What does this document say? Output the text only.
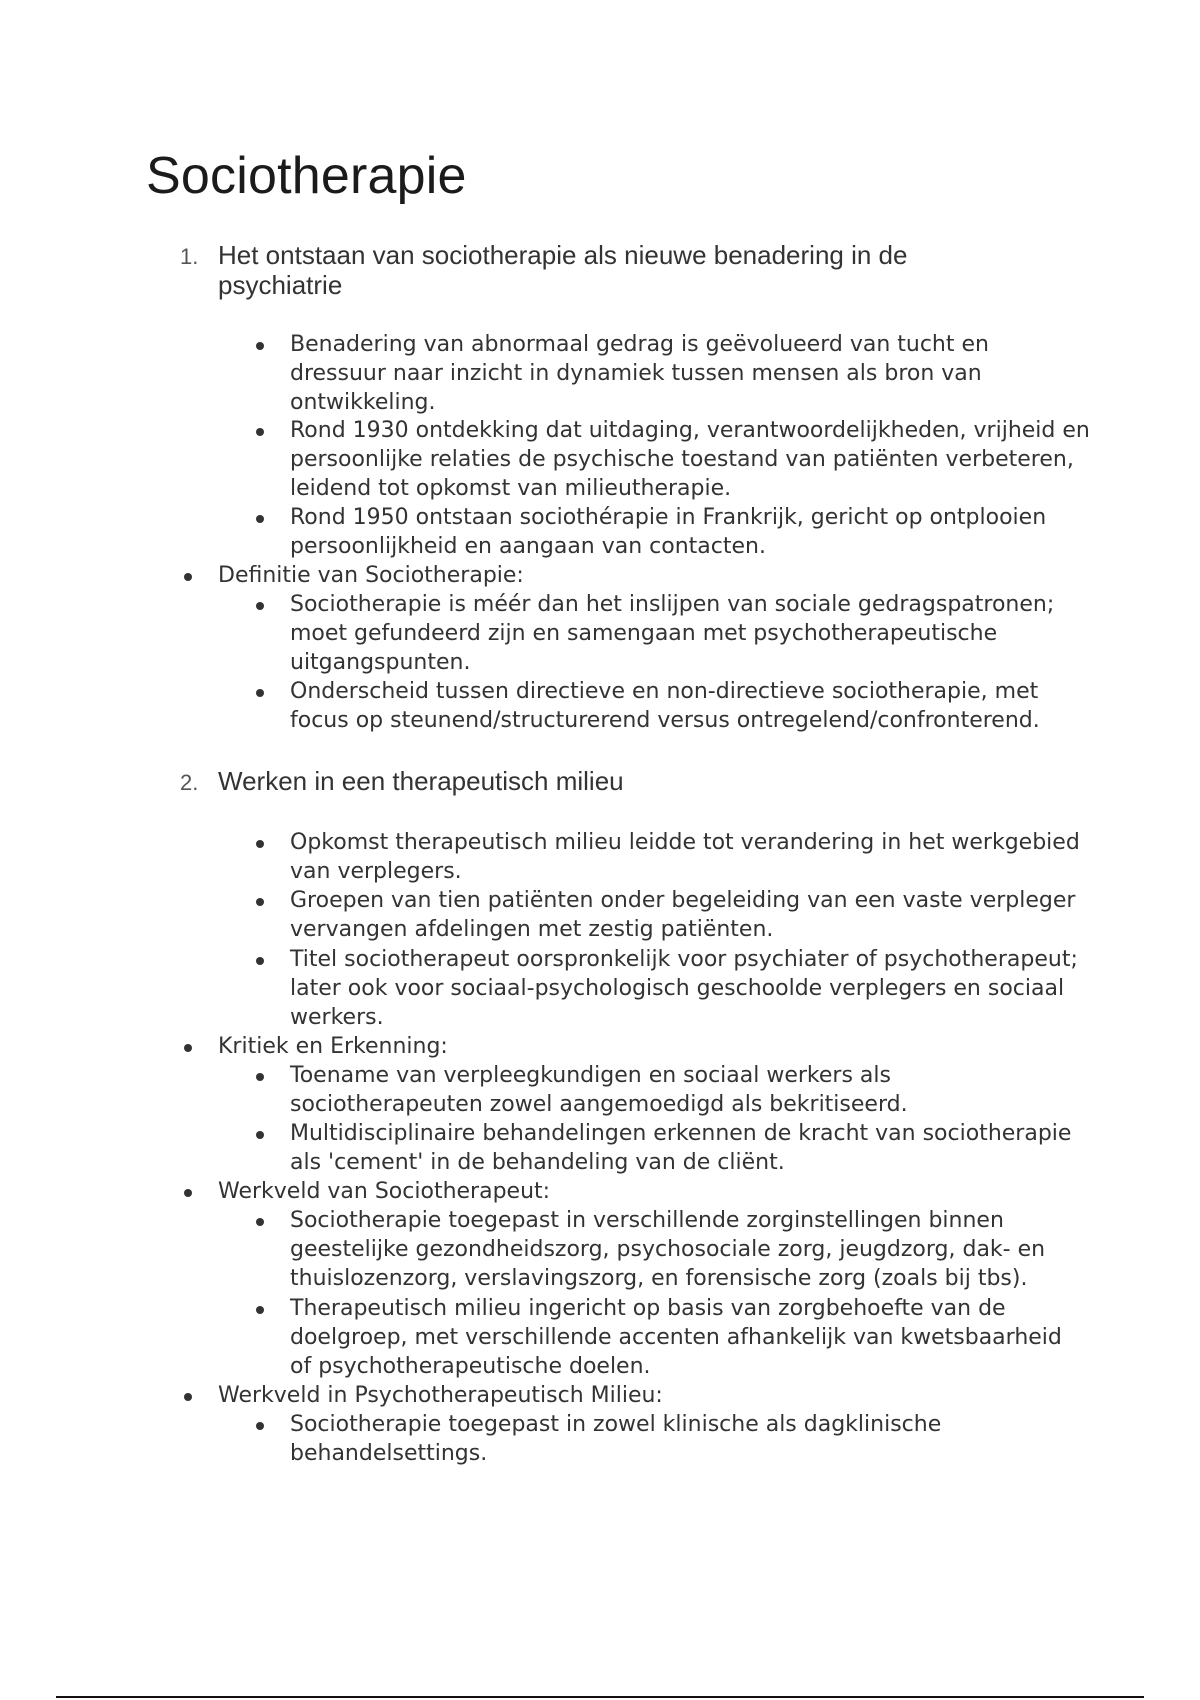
Sociotherapie
1. Het ontstaan van sociotherapie als nieuwe benadering in de
psychiatrie
Benadering van abnormaal gedrag is geëvolueerd van tucht en
dressuur naar inzicht in dynamiek tussen mensen als bron van
ontwikkeling.
Rond 1930 ontdekking dat uitdaging, verantwoordelijkheden, vrijheid en
persoonlijke relaties de psychische toestand van patiënten verbeteren,
leidend tot opkomst van milieutherapie.
Rond 1950 ontstaan sociothérapie in Frankrijk, gericht op ontplooien
persoonlijkheid en aangaan van contacten.
Definitie van Sociotherapie:
Sociotherapie is méér dan het inslijpen van sociale gedragspatronen;
moet gefundeerd zijn en samengaan met psychotherapeutische
uitgangspunten.
Onderscheid tussen directieve en non-directieve sociotherapie, met
focus op steunend/structurerend versus ontregelend/confronterend.
2. Werken in een therapeutisch milieu
Opkomst therapeutisch milieu leidde tot verandering in het werkgebied
van verplegers.
Groepen van tien patiënten onder begeleiding van een vaste verpleger
vervangen afdelingen met zestig patiënten.
Titel sociotherapeut oorspronkelijk voor psychiater of psychotherapeut;
later ook voor sociaal-psychologisch geschoolde verplegers en sociaal
werkers.
Kritiek en Erkenning:
Toename van verpleegkundigen en sociaal werkers als
sociotherapeuten zowel aangemoedigd als bekritiseerd.
Multidisciplinaire behandelingen erkennen de kracht van sociotherapie
als 'cement' in de behandeling van de cliënt.
Werkveld van Sociotherapeut:
Sociotherapie toegepast in verschillende zorginstellingen binnen
geestelijke gezondheidszorg, psychosociale zorg, jeugdzorg, dak- en
thuislozenzorg, verslavingszorg, en forensische zorg (zoals bij tbs).
Therapeutisch milieu ingericht op basis van zorgbehoefte van de
doelgroep, met verschillende accenten afhankelijk van kwetsbaarheid
of psychotherapeutische doelen.
Werkveld in Psychotherapeutisch Milieu:
Sociotherapie toegepast in zowel klinische als dagklinische
behandelsettings.
